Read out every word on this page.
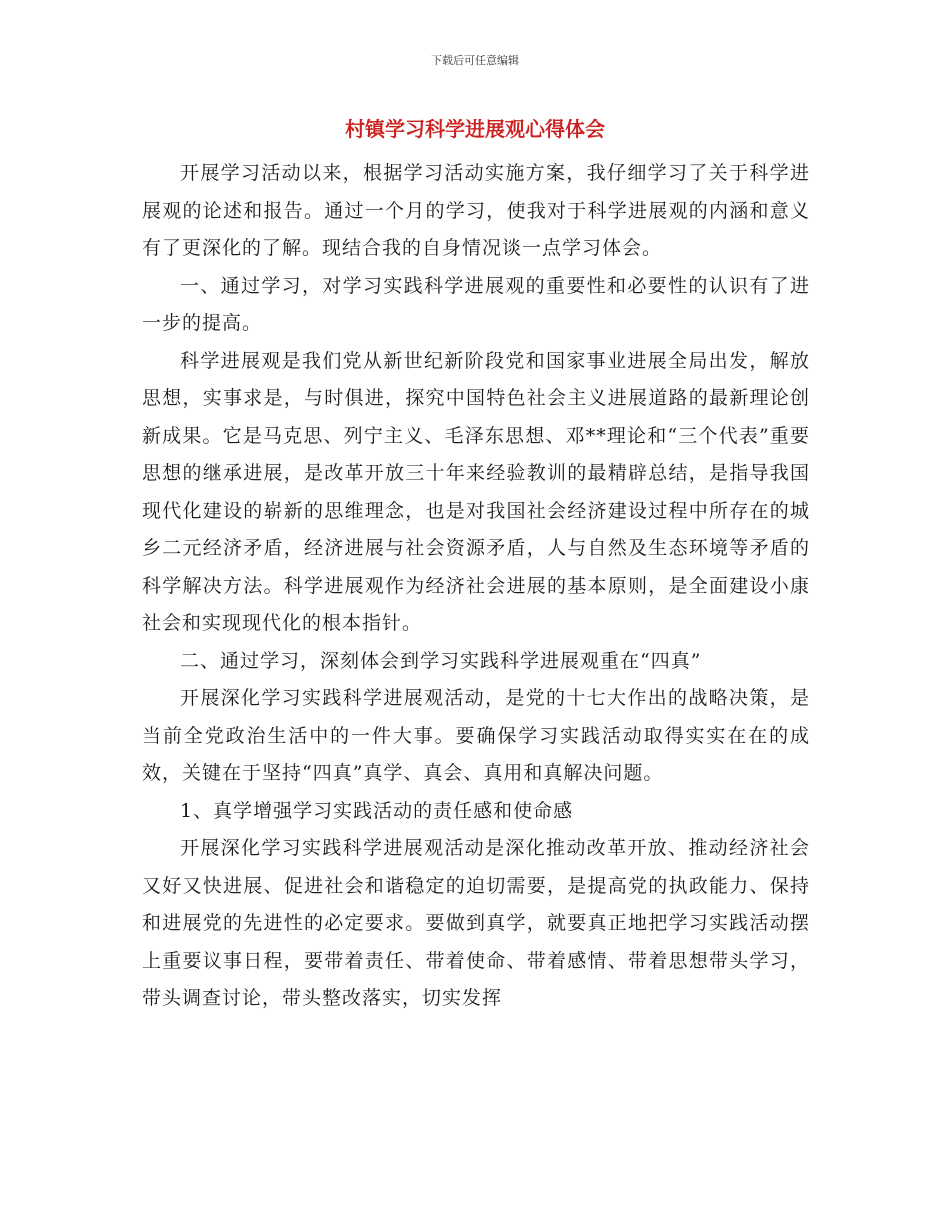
下载后可任意编辑
村镇学习科学进展观心得体会

开展学习活动以来，根据学习活动实施方案，我仔细学习了关于科学进展观的论述和报告。通过一个月的学习，使我对于科学进展观的内涵和意义有了更深化的了解。现结合我的自身情况谈一点学习体会。

一、通过学习，对学习实践科学进展观的重要性和必要性的认识有了进一步的提高。

科学进展观是我们党从新世纪新阶段党和国家事业进展全局出发，解放思想，实事求是，与时俱进，探究中国特色社会主义进展道路的最新理论创新成果。它是马克思、列宁主义、毛泽东思想、邓**理论和“三个代表”重要思想的继承进展，是改革开放三十年来经验教训的最精辟总结，是指导我国现代化建设的崭新的思维理念，也是对我国社会经济建设过程中所存在的城乡二元经济矛盾，经济进展与社会资源矛盾，人与自然及生态环境等矛盾的科学解决方法。科学进展观作为经济社会进展的基本原则，是全面建设小康社会和实现现代化的根本指针。

二、通过学习，深刻体会到学习实践科学进展观重在“四真”

开展深化学习实践科学进展观活动，是党的十七大作出的战略决策，是当前全党政治生活中的一件大事。要确保学习实践活动取得实实在在的成效，关键在于坚持“四真”真学、真会、真用和真解决问题。

1、真学增强学习实践活动的责任感和使命感

开展深化学习实践科学进展观活动是深化推动改革开放、推动经济社会又好又快进展、促进社会和谐稳定的迫切需要，是提高党的执政能力、保持和进展党的先进性的必定要求。要做到真学，就要真正地把学习实践活动摆上重要议事日程，要带着责任、带着使命、带着感情、带着思想带头学习，带头调查讨论，带头整改落实，切实发挥
